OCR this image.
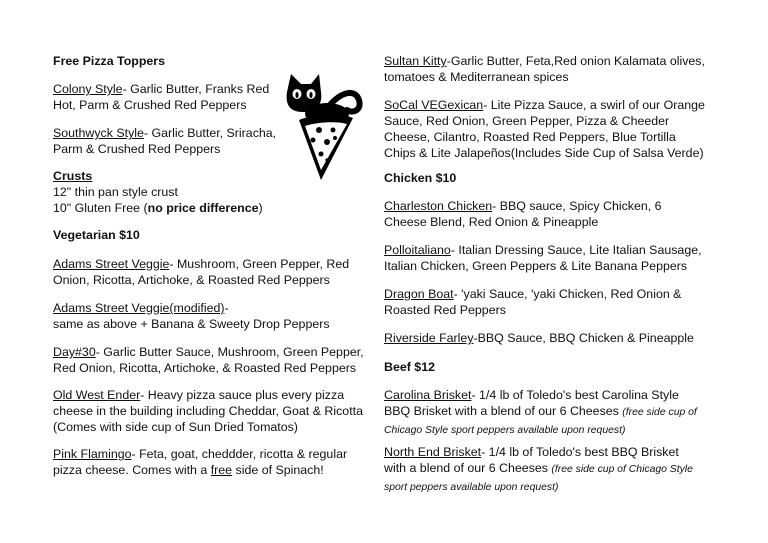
Free Pizza Toppers
Colony Style- Garlic Butter, Franks Red
Hot, Parm & Crushed Red Peppers
Southwyck Style- Garlic Butter, Sriracha,
Parm & Crushed Red Peppers
Crusts
12" thin pan style crust
10" Gluten Free (no price difference)
Vegetarian $10
Adams Street Veggie- Mushroom, Green Pepper, Red
Onion, Ricotta, Artichoke, & Roasted Red Peppers
Adams Street Veggie(modified)-
same as above + Banana & Sweety Drop Peppers
Day#30- Garlic Butter Sauce, Mushroom, Green Pepper,
Red Onion, Ricotta, Artichoke, & Roasted Red Peppers
Old West Ender- Heavy pizza sauce plus every pizza
cheese in the building including Cheddar, Goat & Ricotta
(Comes with side cup of Sun Dried Tomatos)
Pink Flamingo- Feta, goat, cheddder, ricotta & regular
pizza cheese. Comes with a free side of Spinach!
Sultan Kitty-Garlic Butter, Feta,Red onion Kalamata olives,
tomatoes & Mediterranean spices
SoCal VEGexican- Lite Pizza Sauce, a swirl of our Orange
Sauce, Red Onion, Green Pepper, Pizza & Cheeder
Cheese, Cilantro, Roasted Red Peppers, Blue Tortilla
Chips & Lite Jalapeños(Includes Side Cup of Salsa Verde)
Chicken $10
Charleston Chicken- BBQ sauce, Spicy Chicken, 6
Cheese Blend, Red Onion & Pineapple
Polloitaliano- Italian Dressing Sauce, Lite Italian Sausage,
Italian Chicken, Green Peppers & Lite Banana Peppers
Dragon Boat- 'yaki Sauce, 'yaki Chicken, Red Onion &
Roasted Red Peppers
Riverside Farley-BBQ Sauce, BBQ Chicken & Pineapple
Beef $12
Carolina Brisket- 1/4 lb of Toledo's best Carolina Style
BBQ Brisket with a blend of our 6 Cheeses (free side cup of
Chicago Style sport peppers available upon request)
North End Brisket- 1/4 lb of Toledo's best BBQ Brisket
with a blend of our 6 Cheeses (free side cup of Chicago Style
sport peppers available upon request)
